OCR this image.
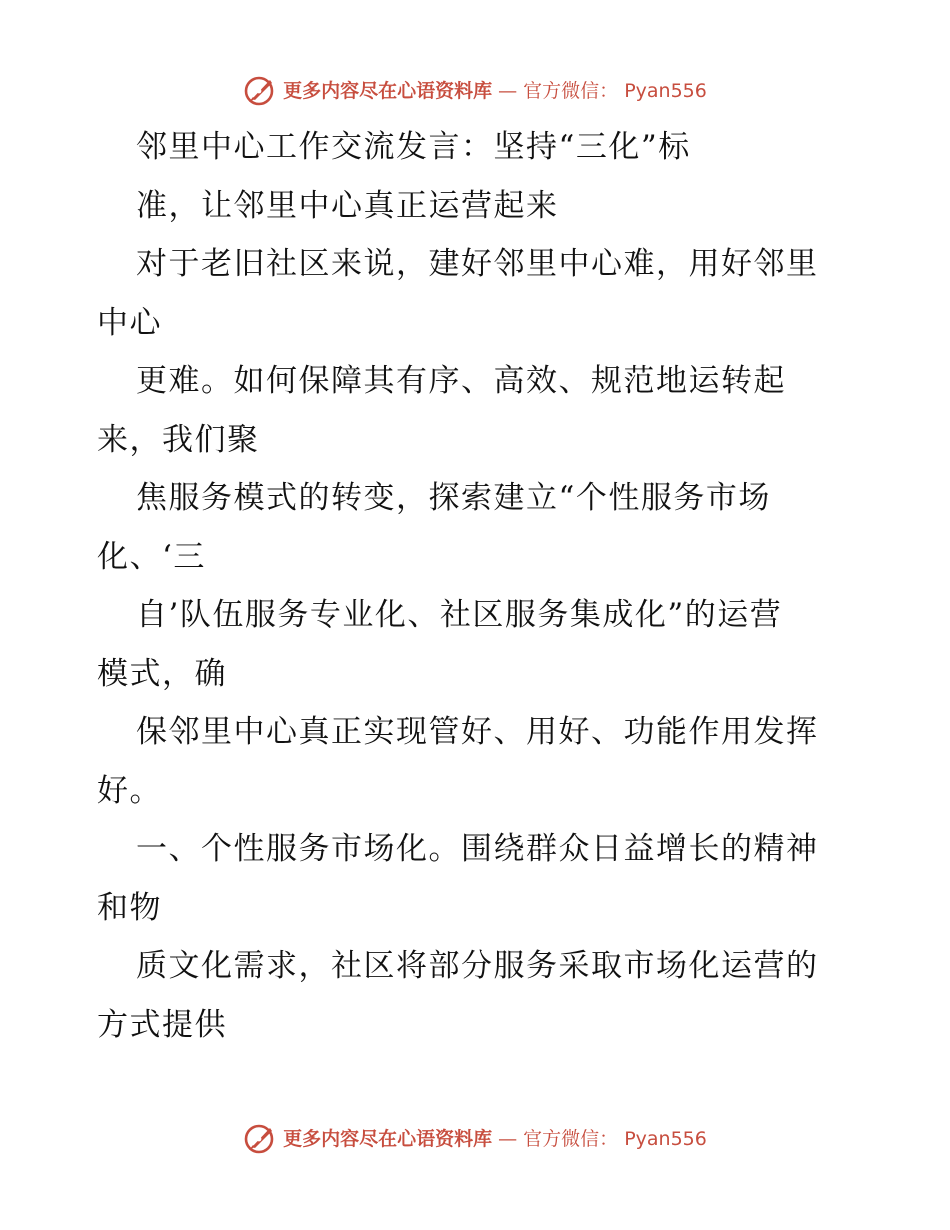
更多内容尽在心语资料库 — 官方微信： Pyan556
邻里中心工作交流发言：坚持“三化”标
准，让邻里中心真正运营起来
对于老旧社区来说，建好邻里中心难，用好邻里
中心
更难。如何保障其有序、高效、规范地运转起
来，我们聚
焦服务模式的转变，探索建立“个性服务市场
化、‘三
自’队伍服务专业化、社区服务集成化”的运营
模式，确
保邻里中心真正实现管好、用好、功能作用发挥
好。
一、个性服务市场化。围绕群众日益增长的精神
和物
质文化需求，社区将部分服务采取市场化运营的
方式提供
更多内容尽在心语资料库 — 官方微信： Pyan556
